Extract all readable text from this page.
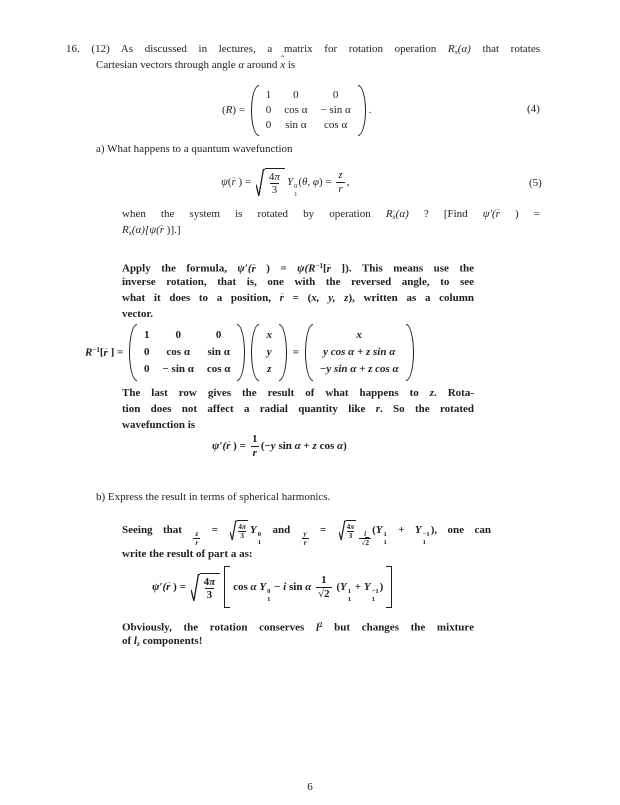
16. (12) As discussed in lectures, a matrix for rotation operation Rx ˆ(α) that rotates
Cartesian vectors through angle α around x ˆ is
(R) =
1 0	0
0 cos α − sin α
0 sin α cos α
.	(4)
a) What happens to a quantum wavefunction
ψ(r → ) = $\frac{4\pi}{3}$ Y 0
1
(θ, $\varphi) = \frac{z}{r}$ ,	(5)
when the system is rotated by operation Rx ˆ(α) ? [Find ψ′(r → ) =
Rx ˆ(α)[ψ(r → )].]
Apply the formula, ψ′(r → ) = $\psi(R^{-1}[r$ → ]). This means use the
inverse rotation, that is, one with the reversed angle, to see
what it does to a position, r → = (x, y, z), written as a column
vector.
$R^{-1}[r$ → ] =
1 0	0
0 cos α sin α
0 − sin α cos α
x
y
z
=
x
y cos α + z sin α
−y sin α + z cos α
The last row gives the result of what happens to z. Rota-
tion does not affect a radial quantity like r. So the rotated
wavefunction is
ψ′(r → ) = $\frac{1}{r} (-y$ sin α + z cos α)
b) Express the result in terms of spherical harmonics.
Seeing that $\frac{z}{r} = \frac{4\pi}{3}$ Y 0
1
and $\frac{y}{r} = \frac{4\pi}{3} \frac{i}{√2} (Y$ 1
1
+ Y −1
1
), one can
write the result of part a as:
ψ′(r → ) = $\frac{4\pi}{3}$ cos α Y 0
1
− i sin α $\frac{1}{√2} (Y$ 1
1
+ Y −1
1
)
Obviously, the rotation conserves l →$^2$ but changes the mixture
of lz components!
6
